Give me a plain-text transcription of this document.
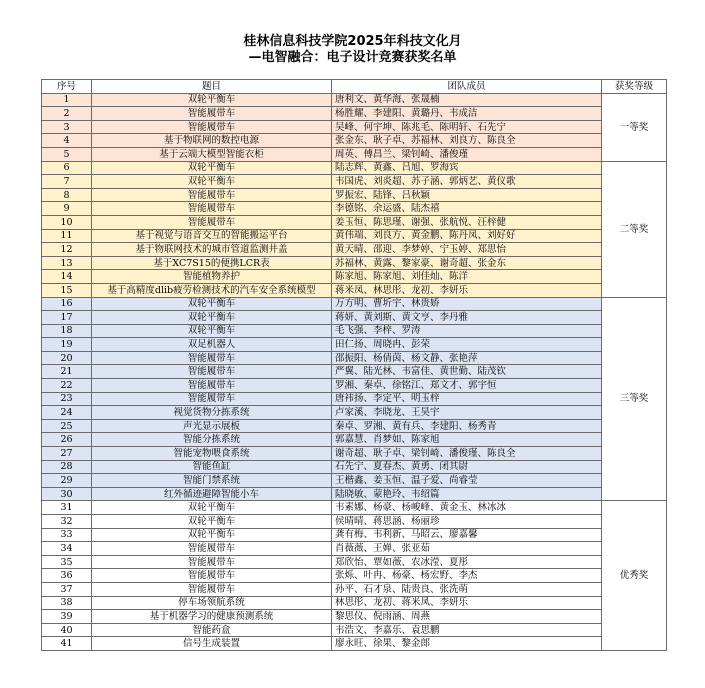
桂林信息科技学院2025年科技文化月
—电智融合：电子设计竞赛获奖名单
序号	题目	团队成员	获奖等级
1	双轮平衡车	唐利文、黄华海、张晟楠	一等奖
2	智能履带车	杨胜耀、李建阳、黄璐丹、韦成洁	
3	智能履带车	吴峰、何宇坤、陈兆毛、陈明轩、石先宁	
4	基于物联网的数控电源	张金东、耿子卓、苏福林、刘良方、陈良全	
5	基于云端大模型智能衣柜	周英、傅昌兰、梁钊崎、潘俊瑾	
6	双轮平衡车	陆志辉、黄鑫、吕旭、罗海宾	二等奖
7	双轮平衡车	韦国虎、刘炎超、苏子涵、郭炳艺、黄仪歌	
8	智能履带车	罗振宏、陆锋、吕秋颖	
9	智能履带车	李德铭、余运盛、陆杰禧	
10	智能履带车	姜玉恒、陈思瑾、谢强、张航悦、汪梓健	
11	基于视觉与语音交互的智能搬运平台	黄伟端、刘良方、黄金鹏、陈丹凤、刘好好	
12	基于物联网技术的城市管道监测井盖	黄天晴、邵迎、李梦婷、宁玉婷、郑思怡	
13	基于XC7S15的便携LCR表	苏福林、黄露、黎家豪、谢奇超、张金东	
14	智能植物养护	陈家旭、陈家旭、刘佳灿、陈洋	
15	基于高精度dlib疲劳检测技术的汽车安全系统模型	蒋米凤、林思彤、龙初、李妍乐	
16	双轮平衡车	万方明、曹圻宇、林贵娇	三等奖
17	双轮平衡车	蒋妍、黄刘斯、黄文亨、李丹雅	
18	双轮平衡车	毛飞强、李梓、罗涛	
19	双足机器人	田仁扬、周晓冉、彭荣	
20	智能履带车	邵振阳、杨倩茵、杨文静、张艳萍	
21	智能履带车	严翼、陆光林、韦富佳、黄世勤、陆茂钦	
22	智能履带车	罗湘、秦卓、徐铭江、郑文才、郭宇恒	
23	智能履带车	唐祎扬、李定平、明玉梓	
24	视觉货物分拣系统	卢家溪、李晓龙、王昊宇	
25	声光显示展板	秦卓、罗湘、黄有兵、李建阳、杨秀青	
26	智能分拣系统	郭嘉慧、肖梦如、陈家旭	
27	智能宠物喂食系统	谢奇超、耿子卓、梁钊崎、潘俊瑾、陈良全	
28	智能鱼缸	石先宁、夏春杰、黄勇、闭其尉	
29	智能门禁系统	王楷鑫、姜玉恒、温子爱、尚睿莹	
30	红外循迹避障智能小车	陆晓敏、蒙艳玲、韦绍篇	
31	双轮平衡车	韦素娜、杨豪、杨峻峰、黄金玉、林冰冰	优秀奖
32	双轮平衡车	侯晴晴、蒋思涵、杨丽珍	
33	双轮平衡车	龚有梅、韦利新、马昭云、廖嘉馨	
34	智能履带车	肖薇薇、王婵、张亚茹	
35	智能履带车	郑欣怡、覃如薇、农冰滢、夏彤	
36	智能履带车	张烁、叶冉、杨豪、杨宏野、李杰	
37	智能履带车	孙平、石才泉、陆贵良、张洗萌	
38	停车场领航系统	林思彤、龙初、蒋米凤、李妍乐	
39	基于机器学习的健康预测系统	黎思仪、倪雨涵、周燕	
40	智能药盒	韦浩文、李嘉乐、袁思鹏	
41	信号生成装置	廖永旺、徐果、黎金郎	
